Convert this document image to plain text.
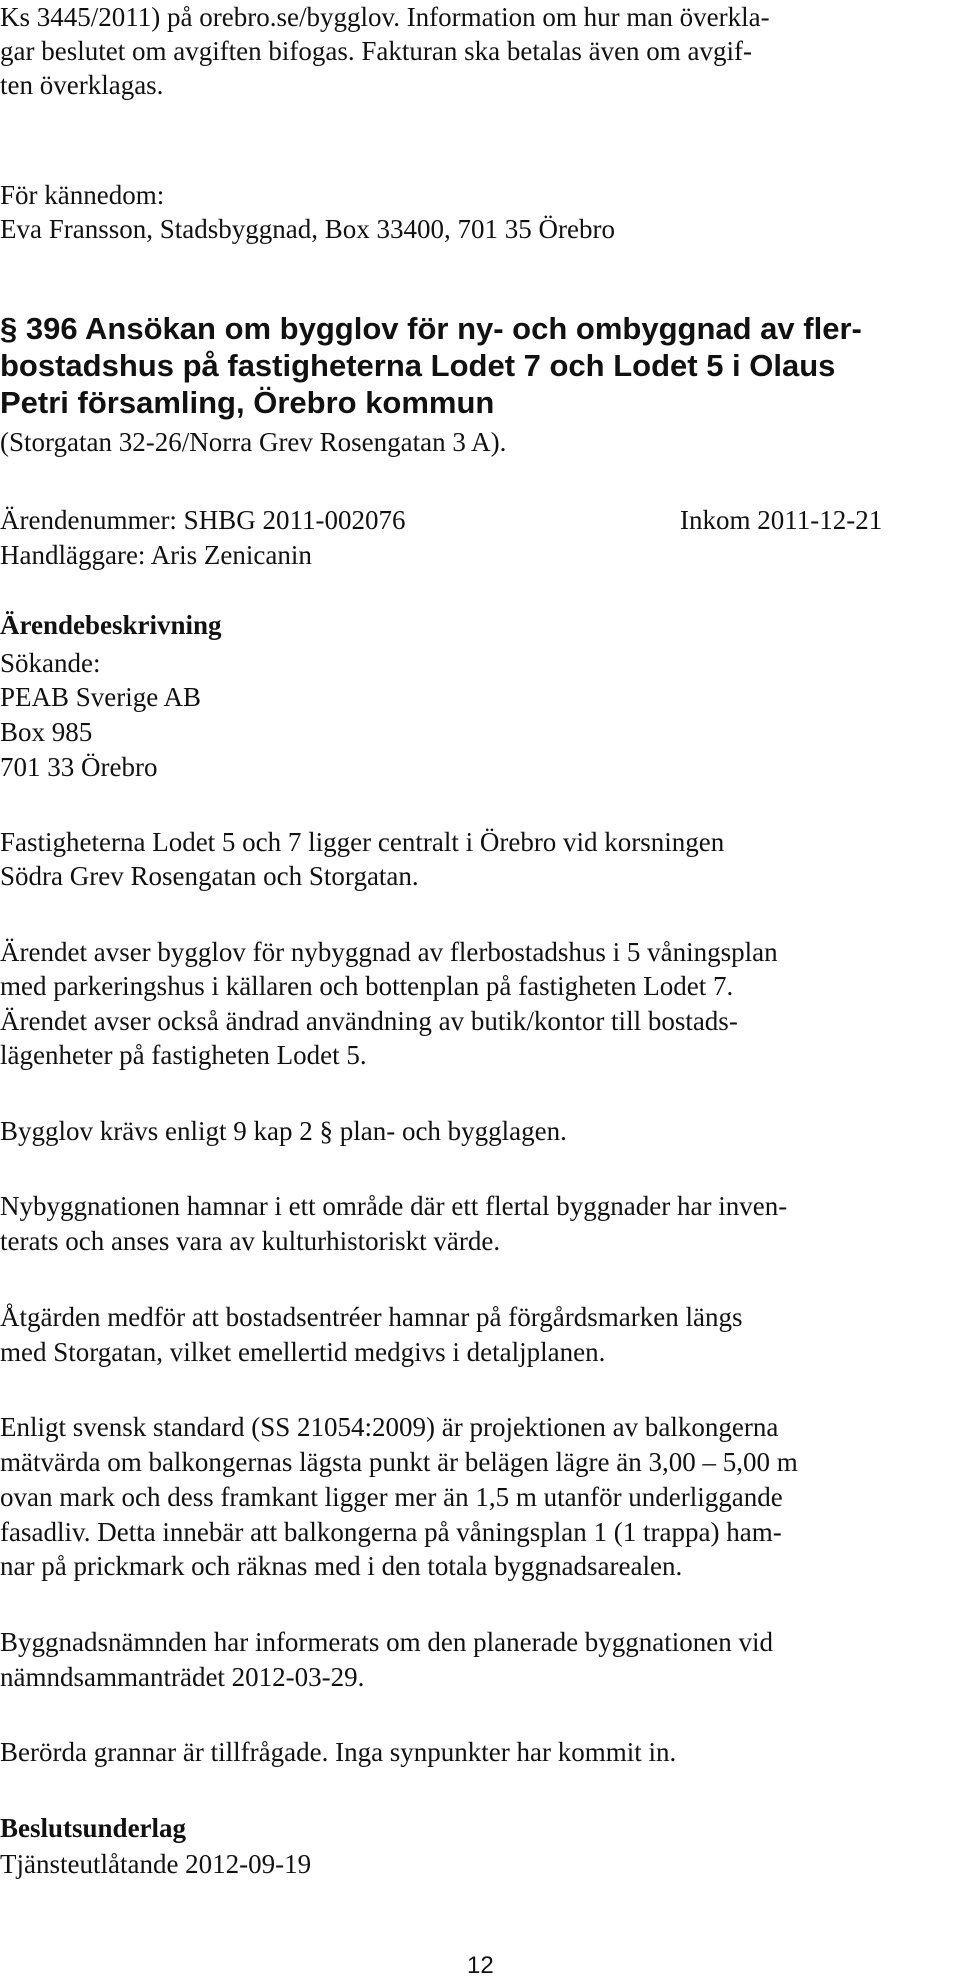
Ks 3445/2011) på orebro.se/bygglov. Information om hur man överkla-
gar beslutet om avgiften bifogas. Fakturan ska betalas även om avgif-
ten överklagas.
För kännedom:
Eva Fransson, Stadsbyggnad, Box 33400, 701 35 Örebro
§ 396 Ansökan om bygglov för ny- och ombyggnad av fler-
bostadshus på fastigheterna Lodet 7 och Lodet 5 i Olaus
Petri församling, Örebro kommun
(Storgatan 32-26/Norra Grev Rosengatan 3 A).
Ärendenummer: SHBG 2011-002076	Inkom 2011-12-21
Handläggare: Aris Zenicanin
Ärendebeskrivning
Sökande:
PEAB Sverige AB
Box 985
701 33 Örebro
Fastigheterna Lodet 5 och 7 ligger centralt i Örebro vid korsningen
Södra Grev Rosengatan och Storgatan.
Ärendet avser bygglov för nybyggnad av flerbostadshus i 5 våningsplan
med parkeringshus i källaren och bottenplan på fastigheten Lodet 7.
Ärendet avser också ändrad användning av butik/kontor till bostads-
lägenheter på fastigheten Lodet 5.
Bygglov krävs enligt 9 kap 2 § plan- och bygglagen.
Nybyggnationen hamnar i ett område där ett flertal byggnader har inven-
terats och anses vara av kulturhistoriskt värde.
Åtgärden medför att bostadsentréer hamnar på förgårdsmarken längs
med Storgatan, vilket emellertid medgivs i detaljplanen.
Enligt svensk standard (SS 21054:2009) är projektionen av balkongerna
mätvärda om balkongernas lägsta punkt är belägen lägre än 3,00 – 5,00 m
ovan mark och dess framkant ligger mer än 1,5 m utanför underliggande
fasadliv. Detta innebär att balkongerna på våningsplan 1 (1 trappa) ham-
nar på prickmark och räknas med i den totala byggnadsarealen.
Byggnadsnämnden har informerats om den planerade byggnationen vid
nämndsammanträdet 2012-03-29.
Berörda grannar är tillfrågade. Inga synpunkter har kommit in.
Beslutsunderlag
Tjänsteutlåtande 2012-09-19
12
